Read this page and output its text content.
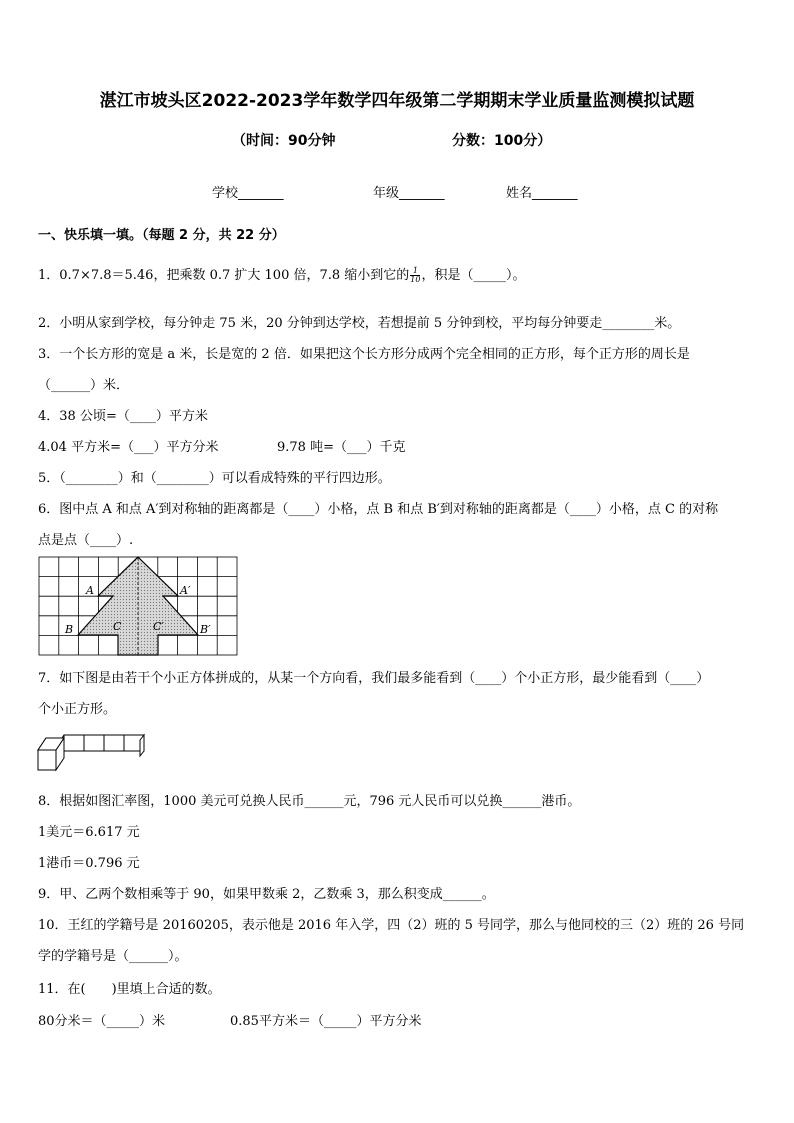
湛江市坡头区2022-2023学年数学四年级第二学期期末学业质量监测模拟试题
（时间：90分钟	分数：100分）
学校_______	年级_______	姓名_______
一、快乐填一填。（每题 2 分，共 22 分）
1．0.7×7.8＝5.46，把乘数 0.7 扩大 100 倍，7.8 缩小到它的 $\frac{1}{10}$ ，积是（_____）。
2．小明从家到学校，每分钟走 75 米，20 分钟到达学校，若想提前 5 分钟到校，平均每分钟要走________米。
3．一个长方形的宽是 a 米，长是宽的 2 倍．如果把这个长方形分成两个完全相同的正方形，每个正方形的周长是
（______）米．
4．38 公顷=（____）平方米
4.04 平方米=（___）平方分米	9.78 吨=（___）千克
5．（________）和（________）可以看成特殊的平行四边形。
6．图中点 A 和点 A′到对称轴的距离都是（____）小格，点 B 和点 B′到对称轴的距离都是（____）小格，点 C 的对称
点是点（____）.
A	A′
B	B′
C	C′
7．如下图是由若干个小正方体拼成的，从某一个方向看，我们最多能看到（____）个小正方形，最少能看到（____）
个小正方形。
8．根据如图汇率图，1000 美元可兑换人民币______元，796 元人民币可以兑换______港币。
1美元＝6.617 元
1港币＝0.796 元
9．甲、乙两个数相乘等于 90，如果甲数乘 2，乙数乘 3，那么积变成______。
10．王红的学籍号是 20160205，表示他是 2016 年入学，四（2）班的 5 号同学，那么与他同校的三（2）班的 26 号同
学的学籍号是（______）。
11．在(　　)里填上合适的数。
80分米＝（_____）米	0.85平方米＝（_____）平方分米
